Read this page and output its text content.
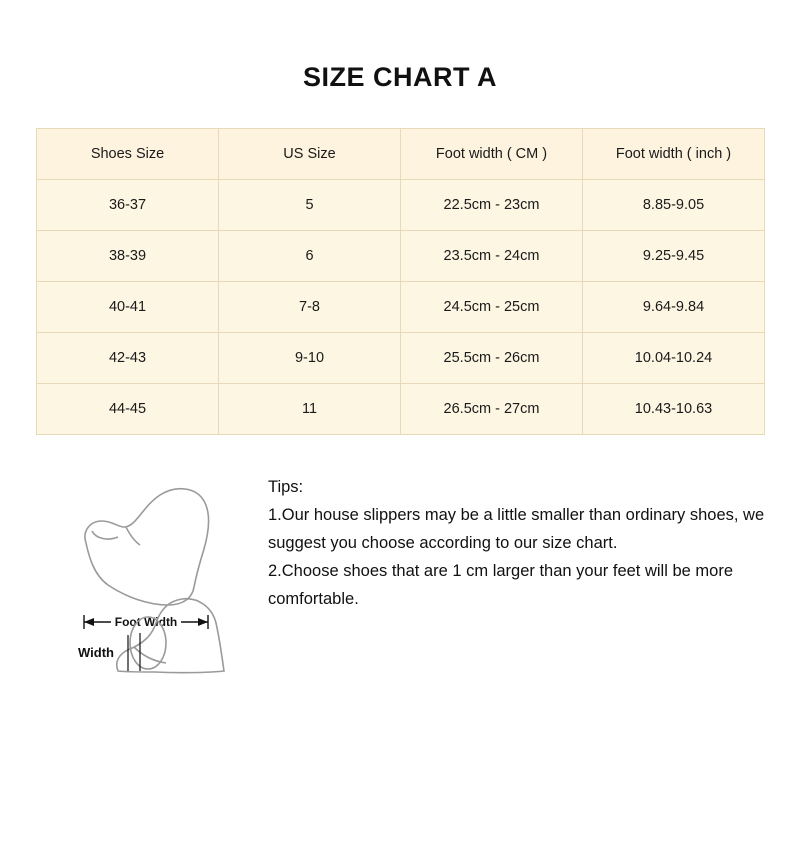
SIZE CHART A
Shoes Size	US Size	Foot width ( CM )	Foot width ( inch )
36-37	5	22.5cm - 23cm	8.85-9.05
38-39	6	23.5cm - 24cm	9.25-9.45
40-41	7-8	24.5cm - 25cm	9.64-9.84
42-43	9-10	25.5cm - 26cm	10.04-10.24
44-45	11	26.5cm - 27cm	10.43-10.63
Foot Width
Width
Tips:
1.Our house slippers may be a little smaller than ordinary shoes, we suggest you choose according to our size chart.
2.Choose shoes that are 1 cm larger than your feet will be more comfortable.
